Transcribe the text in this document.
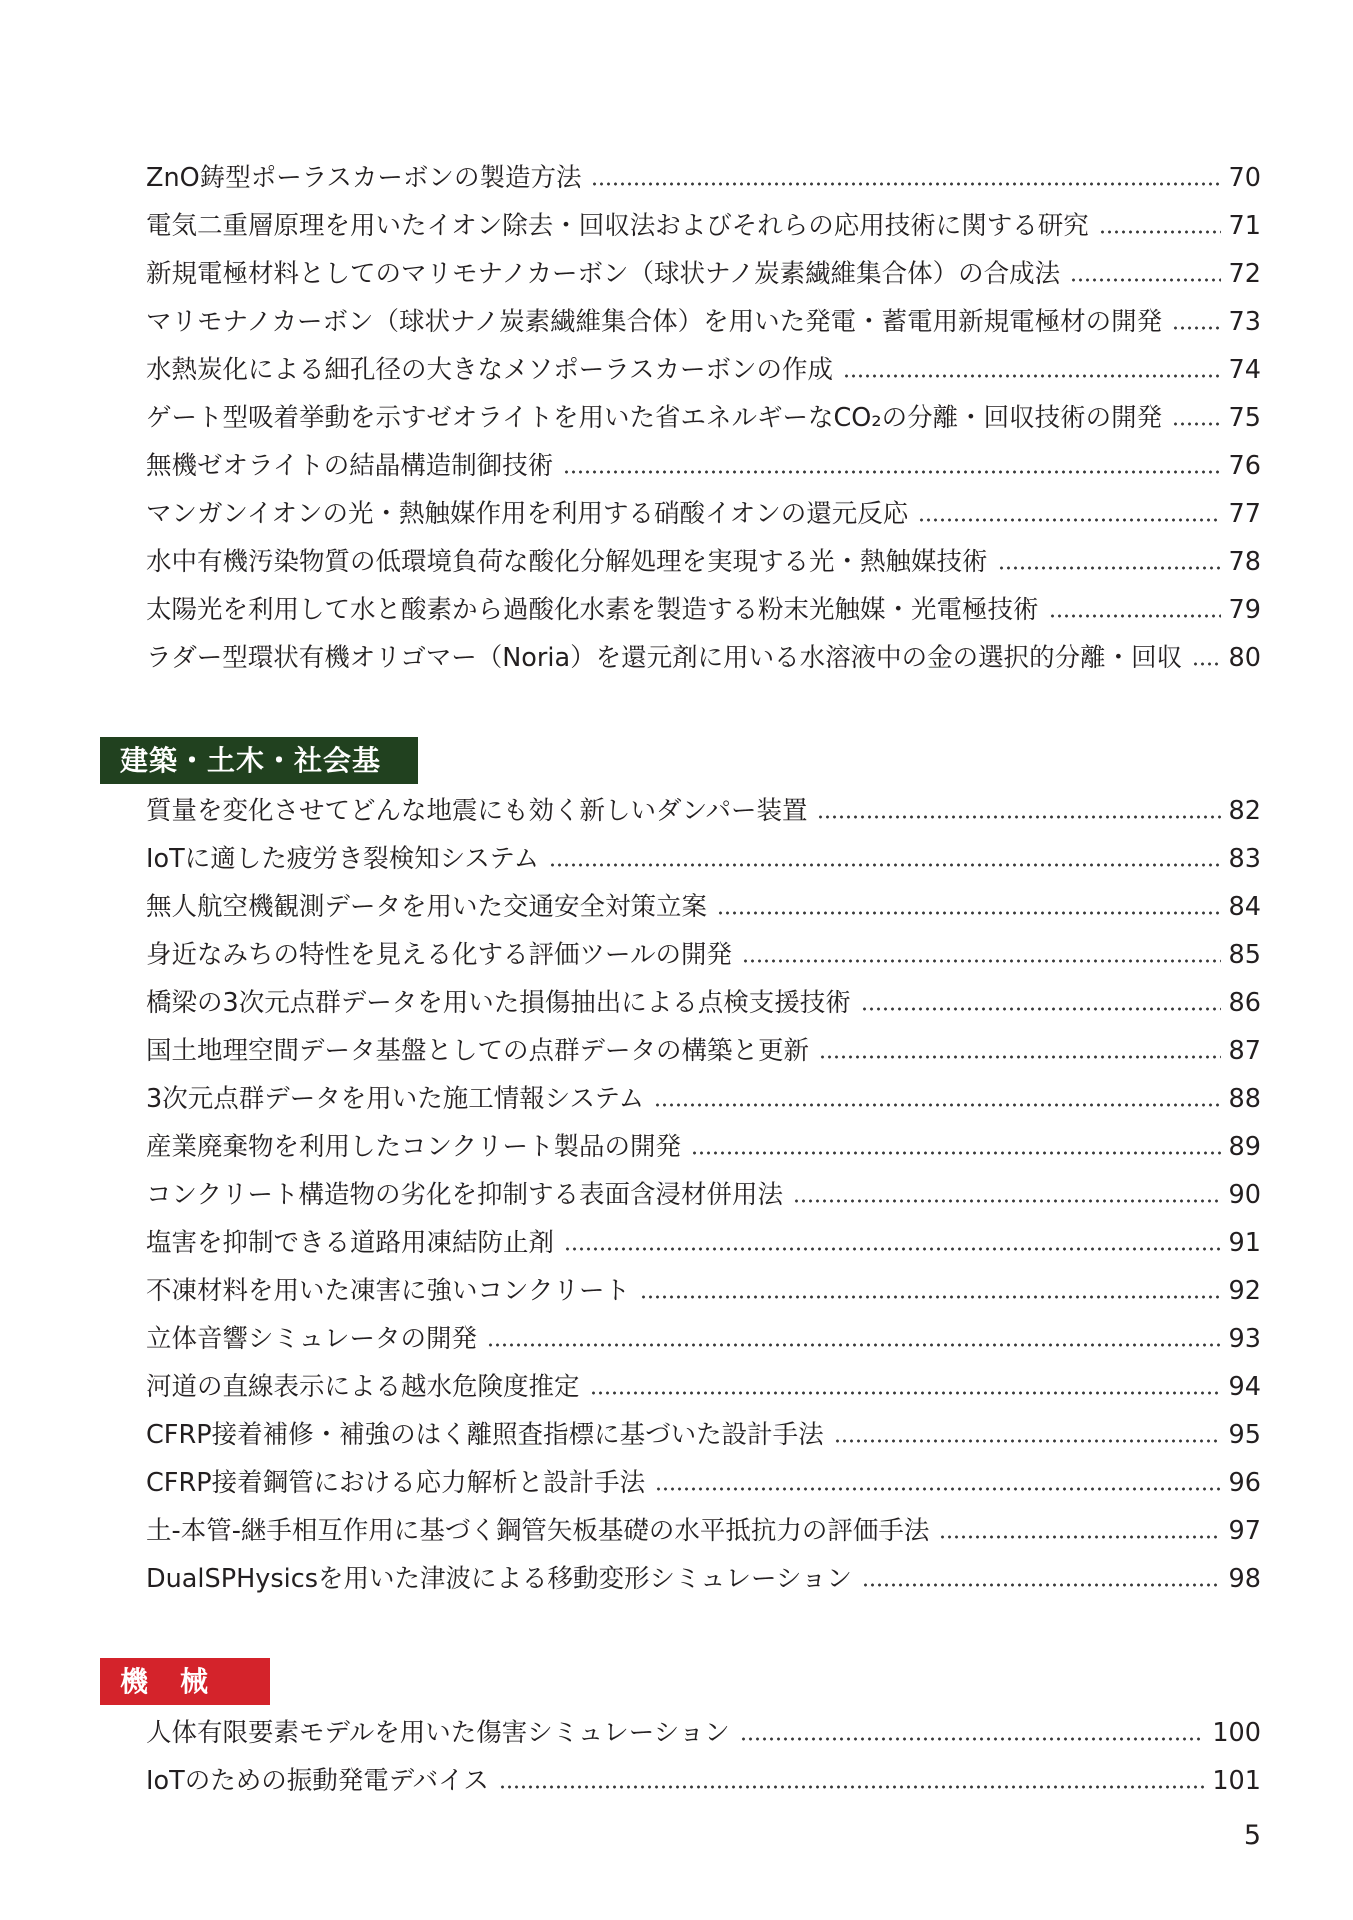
ZnO鋳型ポーラスカーボンの製造方法	70
電気二重層原理を用いたイオン除去・回収法およびそれらの応用技術に関する研究	71
新規電極材料としてのマリモナノカーボン（球状ナノ炭素繊維集合体）の合成法	72
マリモナノカーボン（球状ナノ炭素繊維集合体）を用いた発電・蓄電用新規電極材の開発	73
水熱炭化による細孔径の大きなメソポーラスカーボンの作成	74
ゲート型吸着挙動を示すゼオライトを用いた省エネルギーなCO₂の分離・回収技術の開発	75
無機ゼオライトの結晶構造制御技術	76
マンガンイオンの光・熱触媒作用を利用する硝酸イオンの還元反応	77
水中有機汚染物質の低環境負荷な酸化分解処理を実現する光・熱触媒技術	78
太陽光を利用して水と酸素から過酸化水素を製造する粉末光触媒・光電極技術	79
ラダー型環状有機オリゴマー（Noria）を還元剤に用いる水溶液中の金の選択的分離・回収 80
建築・土木・社会基盤
質量を変化させてどんな地震にも効く新しいダンパー装置	82
IoTに適した疲労き裂検知システム	83
無人航空機観測データを用いた交通安全対策立案	84
身近なみちの特性を見える化する評価ツールの開発	85
橋梁の3次元点群データを用いた損傷抽出による点検支援技術	86
国土地理空間データ基盤としての点群データの構築と更新	87
3次元点群データを用いた施工情報システム	88
産業廃棄物を利用したコンクリート製品の開発	89
コンクリート構造物の劣化を抑制する表面含浸材併用法	90
塩害を抑制できる道路用凍結防止剤	91
不凍材料を用いた凍害に強いコンクリート	92
立体音響シミュレータの開発	93
河道の直線表示による越水危険度推定	94
CFRP接着補修・補強のはく離照査指標に基づいた設計手法	95
CFRP接着鋼管における応力解析と設計手法	96
土-本管-継手相互作用に基づく鋼管矢板基礎の水平抵抗力の評価手法	97
DualSPHysicsを用いた津波による移動変形シミュレーション	98
機　械
人体有限要素モデルを用いた傷害シミュレーション	100
IoTのための振動発電デバイス	101
5
